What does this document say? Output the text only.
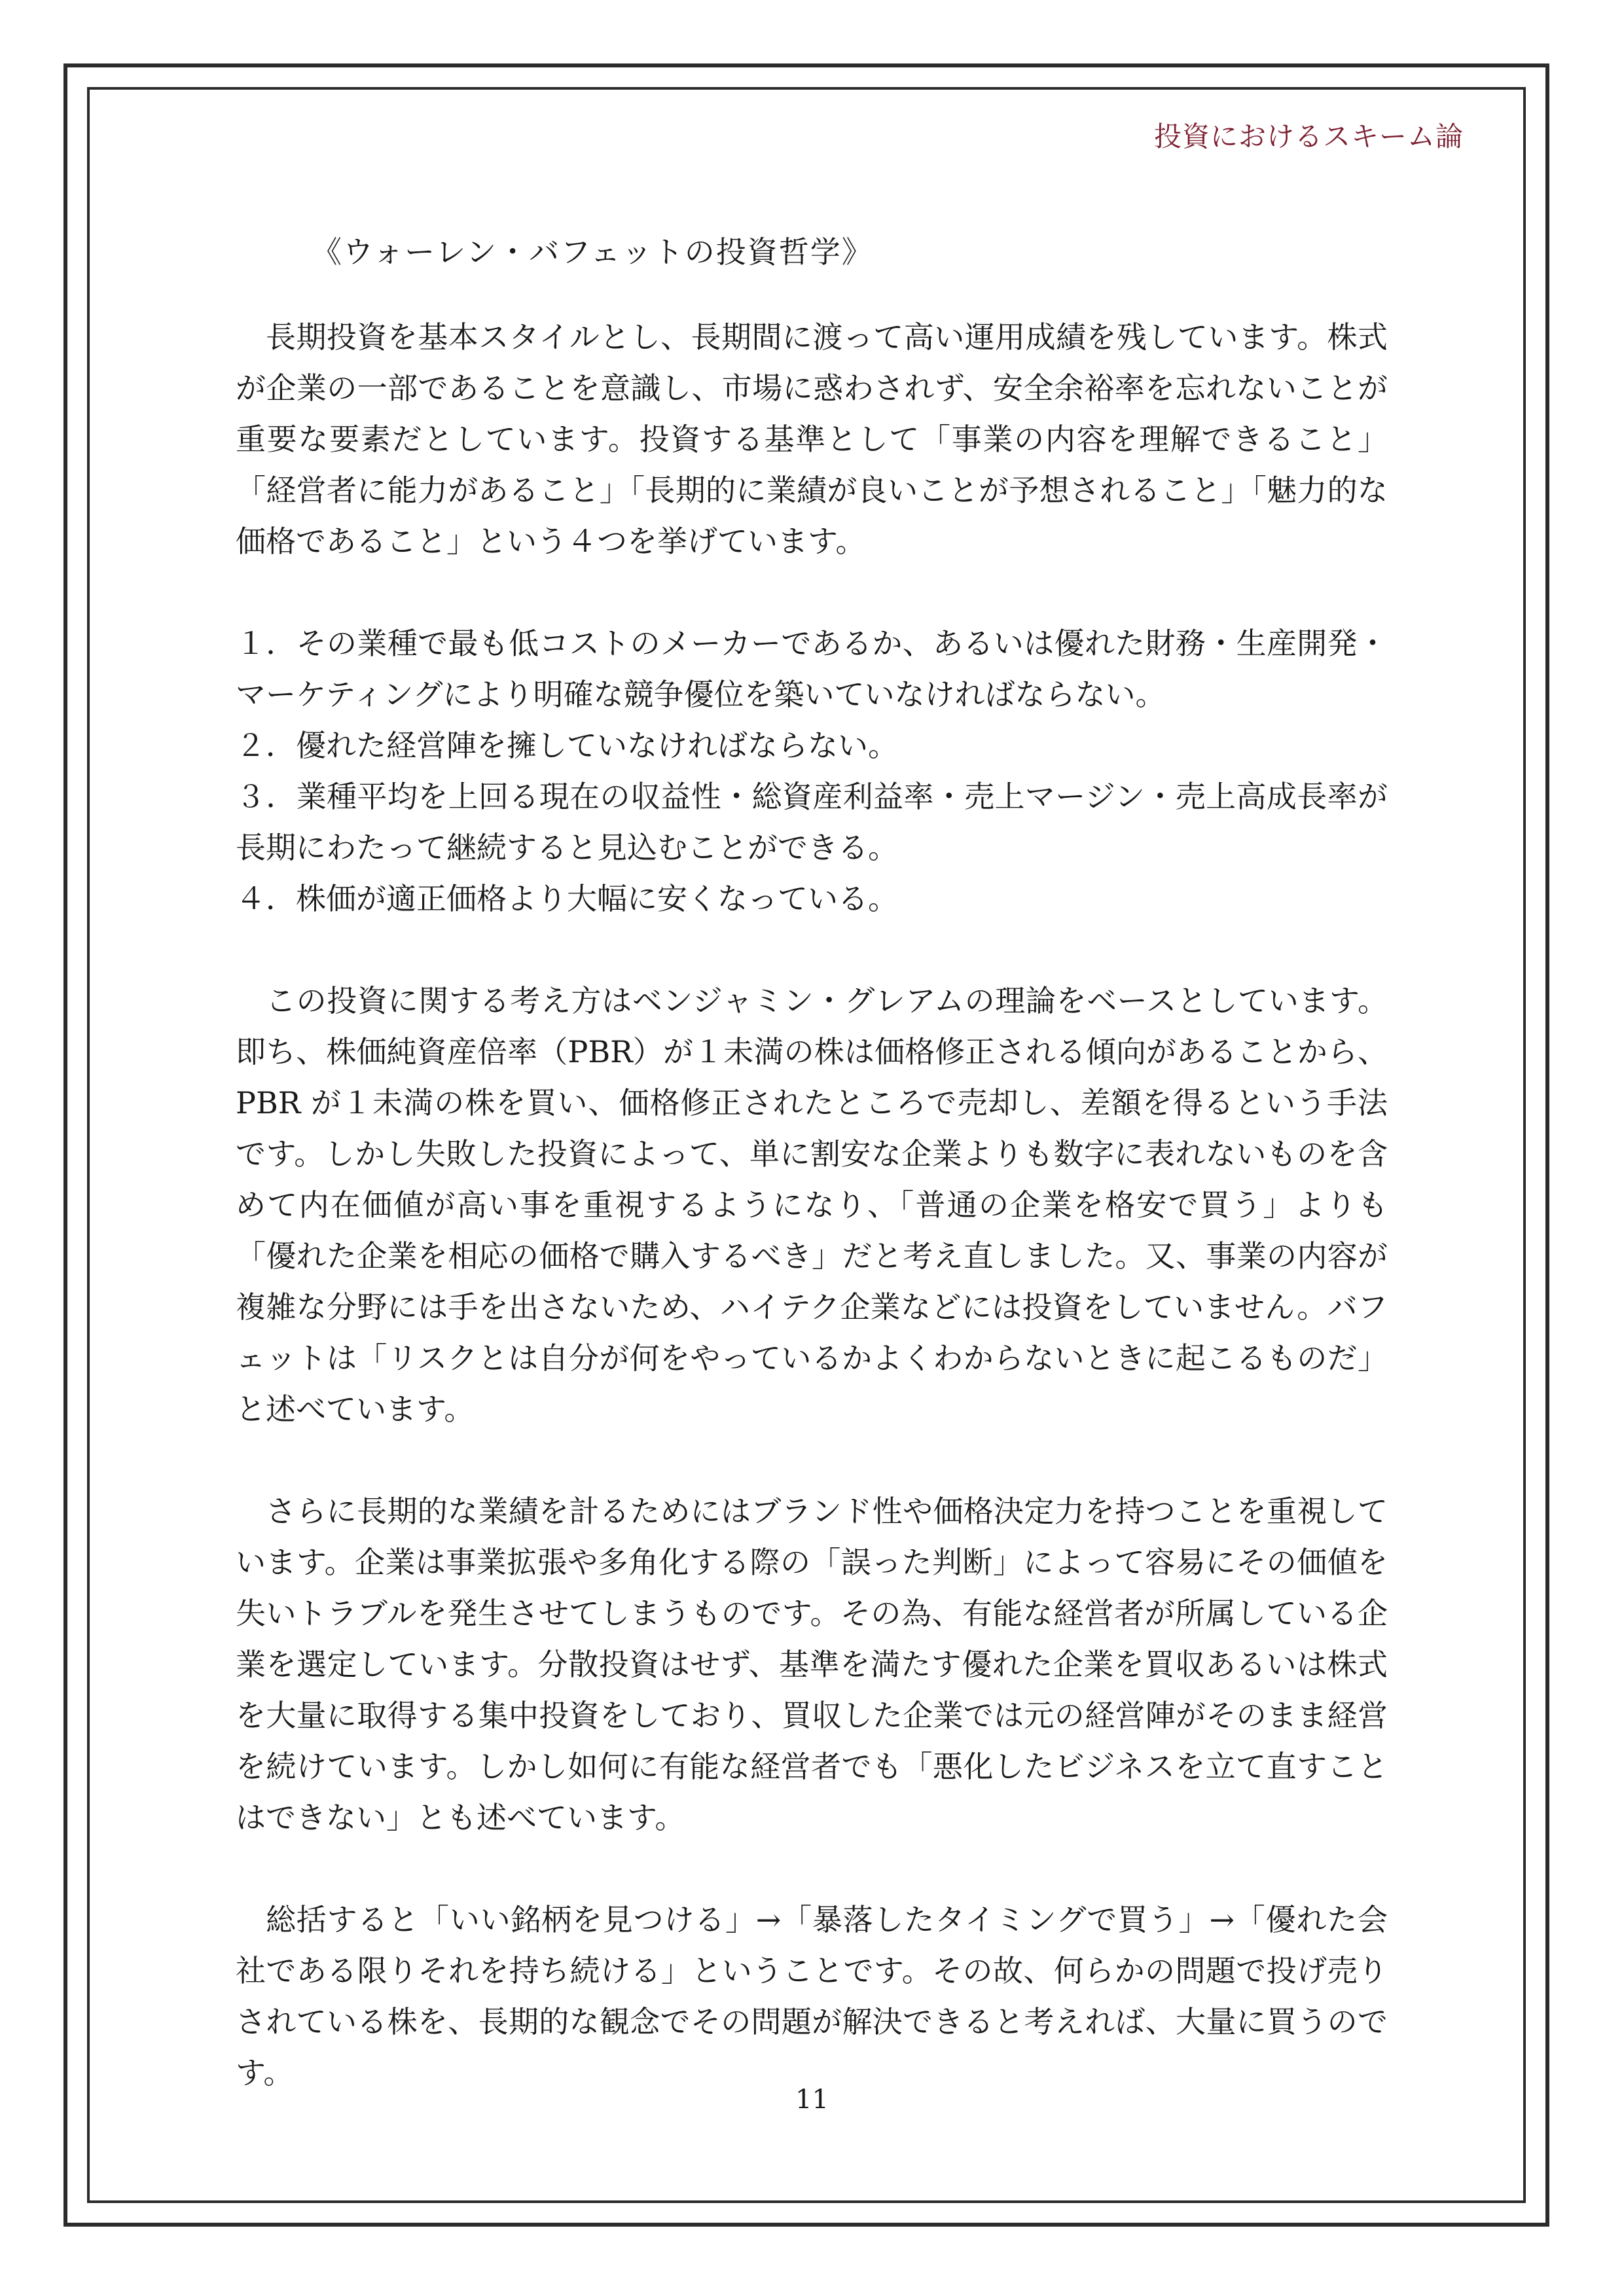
投資におけるスキーム論
《ウォーレン・バフェットの投資哲学》

長期投資を基本スタイルとし、長期間に渡って高い運用成績を残しています。株式が企業の一部であることを意識し、市場に惑わされず、安全余裕率を忘れないことが重要な要素だとしています。投資する基準として「事業の内容を理解できること」「経営者に能力があること」「長期的に業績が良いことが予想されること」「魅力的な価格であること」という４つを挙げています。

１．その業種で最も低コストのメーカーであるか、あるいは優れた財務・生産開発・マーケティングにより明確な競争優位を築いていなければならない。
２．優れた経営陣を擁していなければならない。
３．業種平均を上回る現在の収益性・総資産利益率・売上マージン・売上高成長率が長期にわたって継続すると見込むことができる。
４．株価が適正価格より大幅に安くなっている。

この投資に関する考え方はベンジャミン・グレアムの理論をベースとしています。即ち、株価純資産倍率（PBR）が１未満の株は価格修正される傾向があることから、PBR が１未満の株を買い、価格修正されたところで売却し、差額を得るという手法です。しかし失敗した投資によって、単に割安な企業よりも数字に表れないものを含めて内在価値が高い事を重視するようになり、「普通の企業を格安で買う」よりも「優れた企業を相応の価格で購入するべき」だと考え直しました。又、事業の内容が複雑な分野には手を出さないため、ハイテク企業などには投資をしていません。バフェットは「リスクとは自分が何をやっているかよくわからないときに起こるものだ」と述べています。

さらに長期的な業績を計るためにはブランド性や価格決定力を持つことを重視しています。企業は事業拡張や多角化する際の「誤った判断」によって容易にその価値を失いトラブルを発生させてしまうものです。その為、有能な経営者が所属している企業を選定しています。分散投資はせず、基準を満たす優れた企業を買収あるいは株式を大量に取得する集中投資をしており、買収した企業では元の経営陣がそのまま経営を続けています。しかし如何に有能な経営者でも「悪化したビジネスを立て直すことはできない」とも述べています。

総括すると「いい銘柄を見つける」→「暴落したタイミングで買う」→「優れた会社である限りそれを持ち続ける」ということです。その故、何らかの問題で投げ売りされている株を、長期的な観念でその問題が解決できると考えれば、大量に買うのです。

11
